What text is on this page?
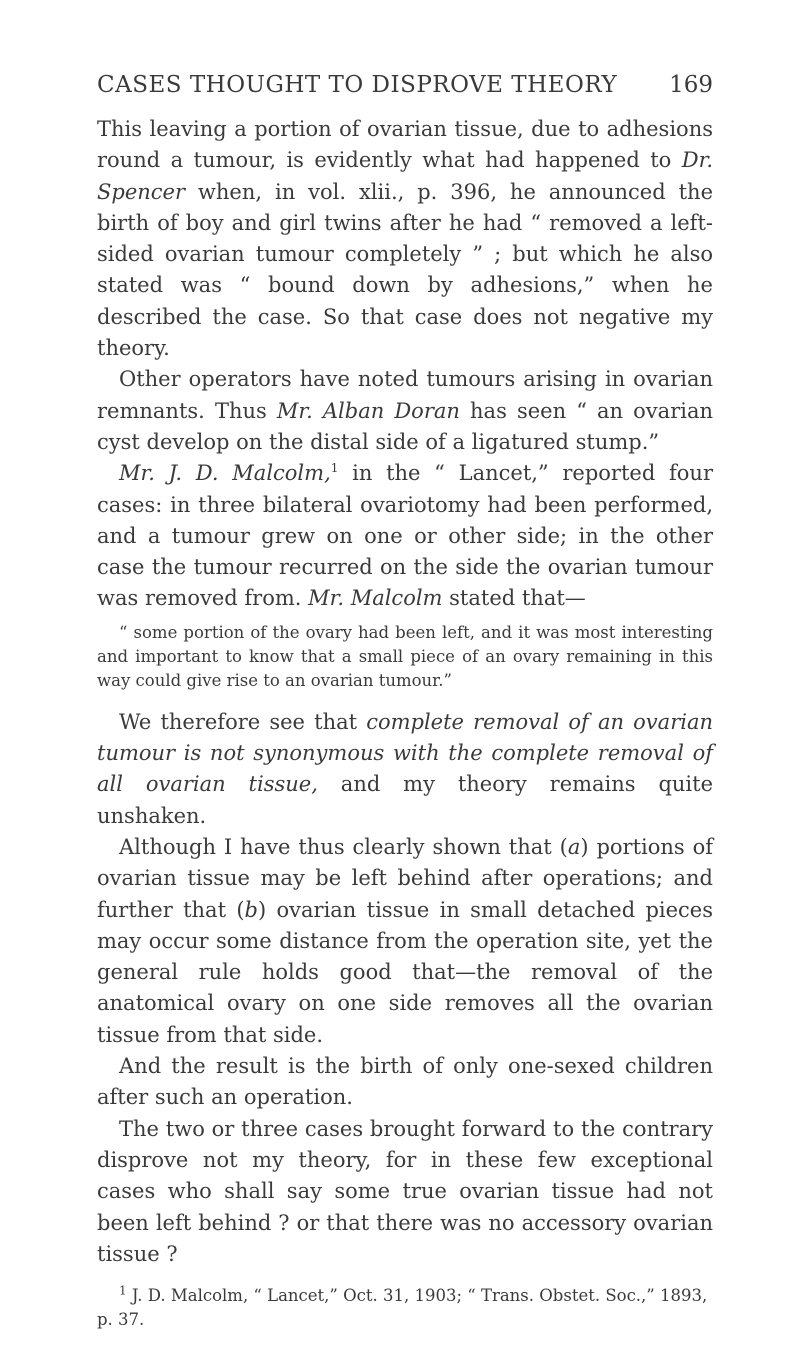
CASES THOUGHT TO DISPROVE THEORY 169

This leaving a portion of ovarian tissue, due to adhesions round a tumour, is evidently what had happened to Dr. Spencer when, in vol. xlii., p. 396, he announced the birth of boy and girl twins after he had “ removed a left-sided ovarian tumour completely ” ; but which he also stated was “ bound down by adhesions,” when he described the case. So that case does not negative my theory.

Other operators have noted tumours arising in ovarian remnants. Thus Mr. Alban Doran has seen “ an ovarian cyst develop on the distal side of a ligatured stump.”

Mr. J. D. Malcolm,$^1$ in the “ Lancet,” reported four cases: in three bilateral ovariotomy had been performed, and a tumour grew on one or other side; in the other case the tumour recurred on the side the ovarian tumour was removed from. Mr. Malcolm stated that—

“ some portion of the ovary had been left, and it was most interesting and important to know that a small piece of an ovary remaining in this way could give rise to an ovarian tumour.”

We therefore see that complete removal of an ovarian tumour is not synonymous with the complete removal of all ovarian tissue, and my theory remains quite unshaken.

Although I have thus clearly shown that (a) portions of ovarian tissue may be left behind after operations; and further that (b) ovarian tissue in small detached pieces may occur some distance from the operation site, yet the general rule holds good that—the removal of the anatomical ovary on one side removes all the ovarian tissue from that side.

And the result is the birth of only one-sexed children after such an operation.

The two or three cases brought forward to the contrary disprove not my theory, for in these few exceptional cases who shall say some true ovarian tissue had not been left behind ? or that there was no accessory ovarian tissue ?

$^1$ J. D. Malcolm, “ Lancet,” Oct. 31, 1903; “ Trans. Obstet. Soc.,” 1893, p. 37.
